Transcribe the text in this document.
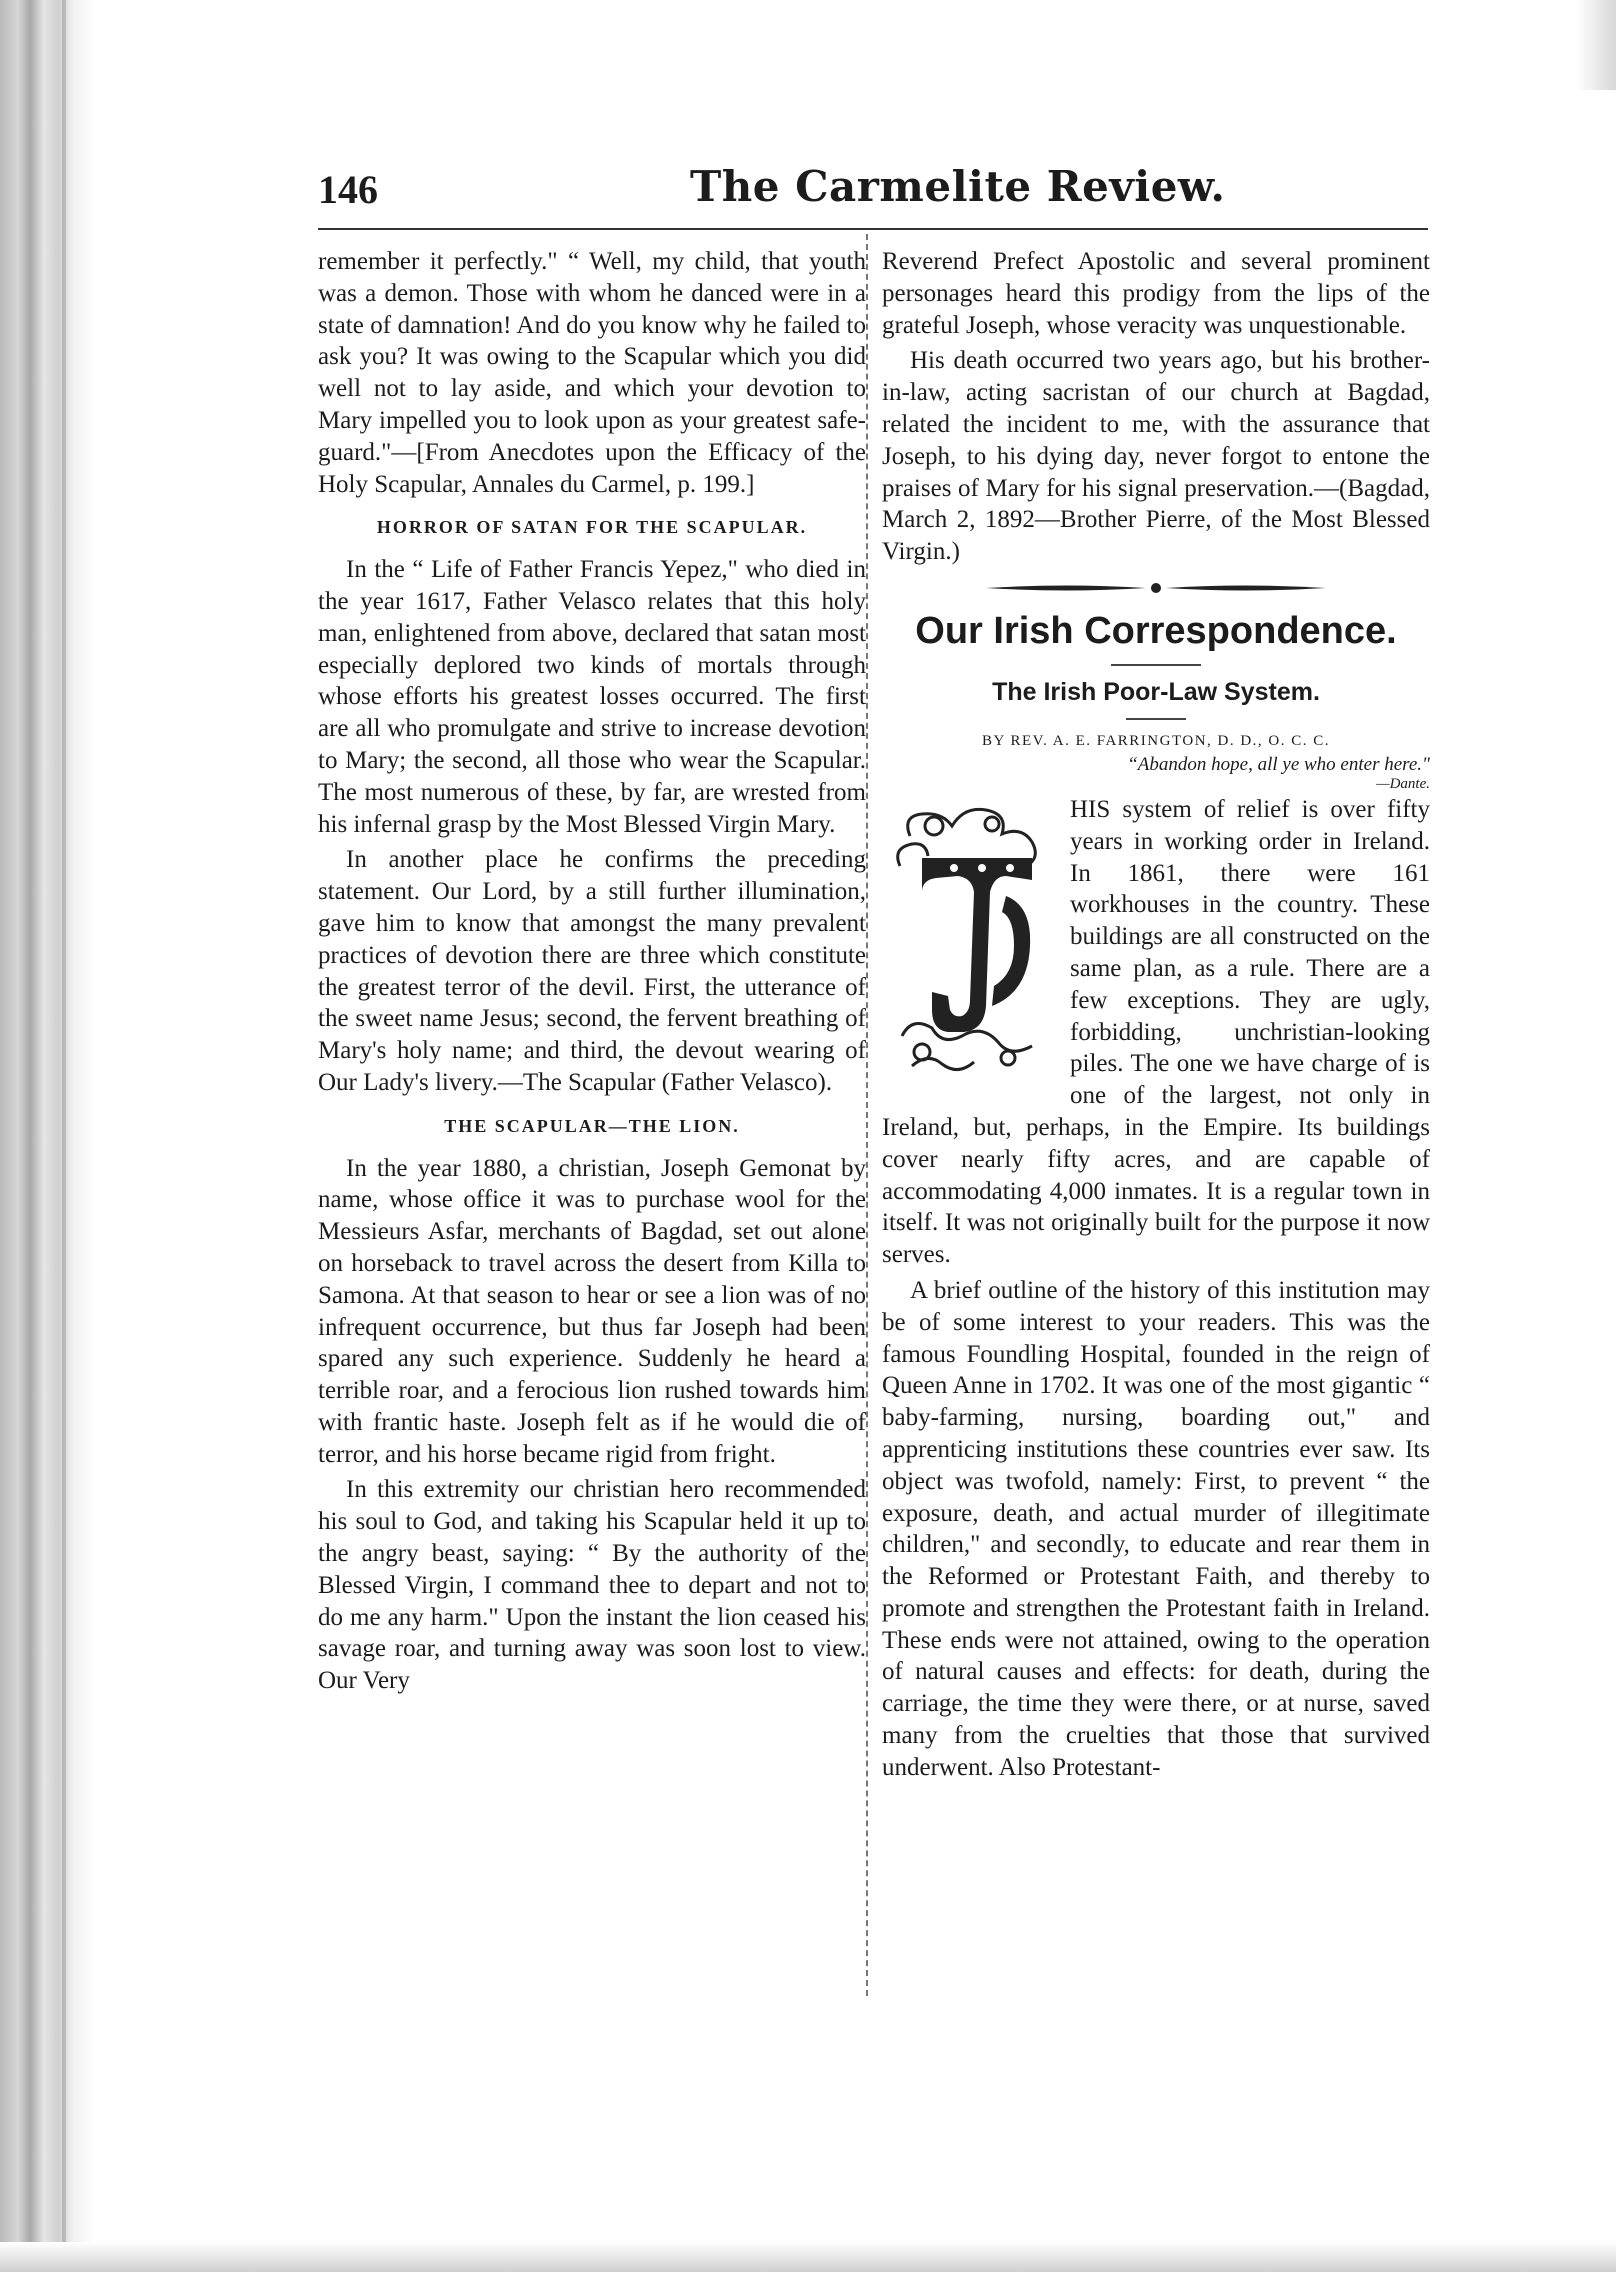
146	The Carmelite Review.

remember it perfectly." “ Well, my child, that youth was a demon. Those with whom he danced were in a state of damnation! And do you know why he failed to ask you? It was owing to the Scapular which you did well not to lay aside, and which your devotion to Mary impelled you to look upon as your greatest safe-guard."—[From Anecdotes upon the Efficacy of the Holy Scapular, Annales du Carmel, p. 199.]

HORROR OF SATAN FOR THE SCAPULAR.

In the “ Life of Father Francis Yepez," who died in the year 1617, Father Velasco relates that this holy man, enlightened from above, declared that satan most especially deplored two kinds of mortals through whose efforts his greatest losses occurred. The first are all who promulgate and strive to increase devotion to Mary; the second, all those who wear the Scapular. The most numerous of these, by far, are wrested from his infernal grasp by the Most Blessed Virgin Mary.

In another place he confirms the preceding statement. Our Lord, by a still further illumination, gave him to know that amongst the many prevalent practices of devotion there are three which constitute the greatest terror of the devil. First, the utterance of the sweet name Jesus; second, the fervent breathing of Mary's holy name; and third, the devout wearing of Our Lady's livery.—The Scapular (Father Velasco).

THE SCAPULAR—THE LION.

In the year 1880, a christian, Joseph Gemonat by name, whose office it was to purchase wool for the Messieurs Asfar, merchants of Bagdad, set out alone on horseback to travel across the desert from Killa to Samona. At that season to hear or see a lion was of no infrequent occurrence, but thus far Joseph had been spared any such experience. Suddenly he heard a terrible roar, and a ferocious lion rushed towards him with frantic haste. Joseph felt as if he would die of terror, and his horse became rigid from fright.

In this extremity our christian hero recommended his soul to God, and taking his Scapular held it up to the angry beast, saying: “ By the authority of the Blessed Virgin, I command thee to depart and not to do me any harm." Upon the instant the lion ceased his savage roar, and turning away was soon lost to view. Our Very

Reverend Prefect Apostolic and several prominent personages heard this prodigy from the lips of the grateful Joseph, whose veracity was unquestionable.

His death occurred two years ago, but his brother-in-law, acting sacristan of our church at Bagdad, related the incident to me, with the assurance that Joseph, to his dying day, never forgot to entone the praises of Mary for his signal preservation.—(Bagdad, March 2, 1892—Brother Pierre, of the Most Blessed Virgin.)

Our Irish Correspondence.
The Irish Poor-Law System.
BY REV. A. E. FARRINGTON, D. D., O. C. C.
“Abandon hope, all ye who enter here."
—Dante.

HIS system of relief is over fifty years in working order in Ireland. In 1861, there were 161 workhouses in the country. These buildings are all constructed on the same plan, as a rule. There are a few exceptions. They are ugly, forbidding, unchristian-looking piles. The one we have charge of is one of the largest, not only in Ireland, but, perhaps, in the Empire. Its buildings cover nearly fifty acres, and are capable of accommodating 4,000 inmates. It is a regular town in itself. It was not originally built for the purpose it now serves.

A brief outline of the history of this institution may be of some interest to your readers. This was the famous Foundling Hospital, founded in the reign of Queen Anne in 1702. It was one of the most gigantic “ baby-farming, nursing, boarding out," and apprenticing institutions these countries ever saw. Its object was twofold, namely: First, to prevent “ the exposure, death, and actual murder of illegitimate children," and secondly, to educate and rear them in the Reformed or Protestant Faith, and thereby to promote and strengthen the Protestant faith in Ireland. These ends were not attained, owing to the operation of natural causes and effects: for death, during the carriage, the time they were there, or at nurse, saved many from the cruelties that those that survived underwent. Also Protestant-
